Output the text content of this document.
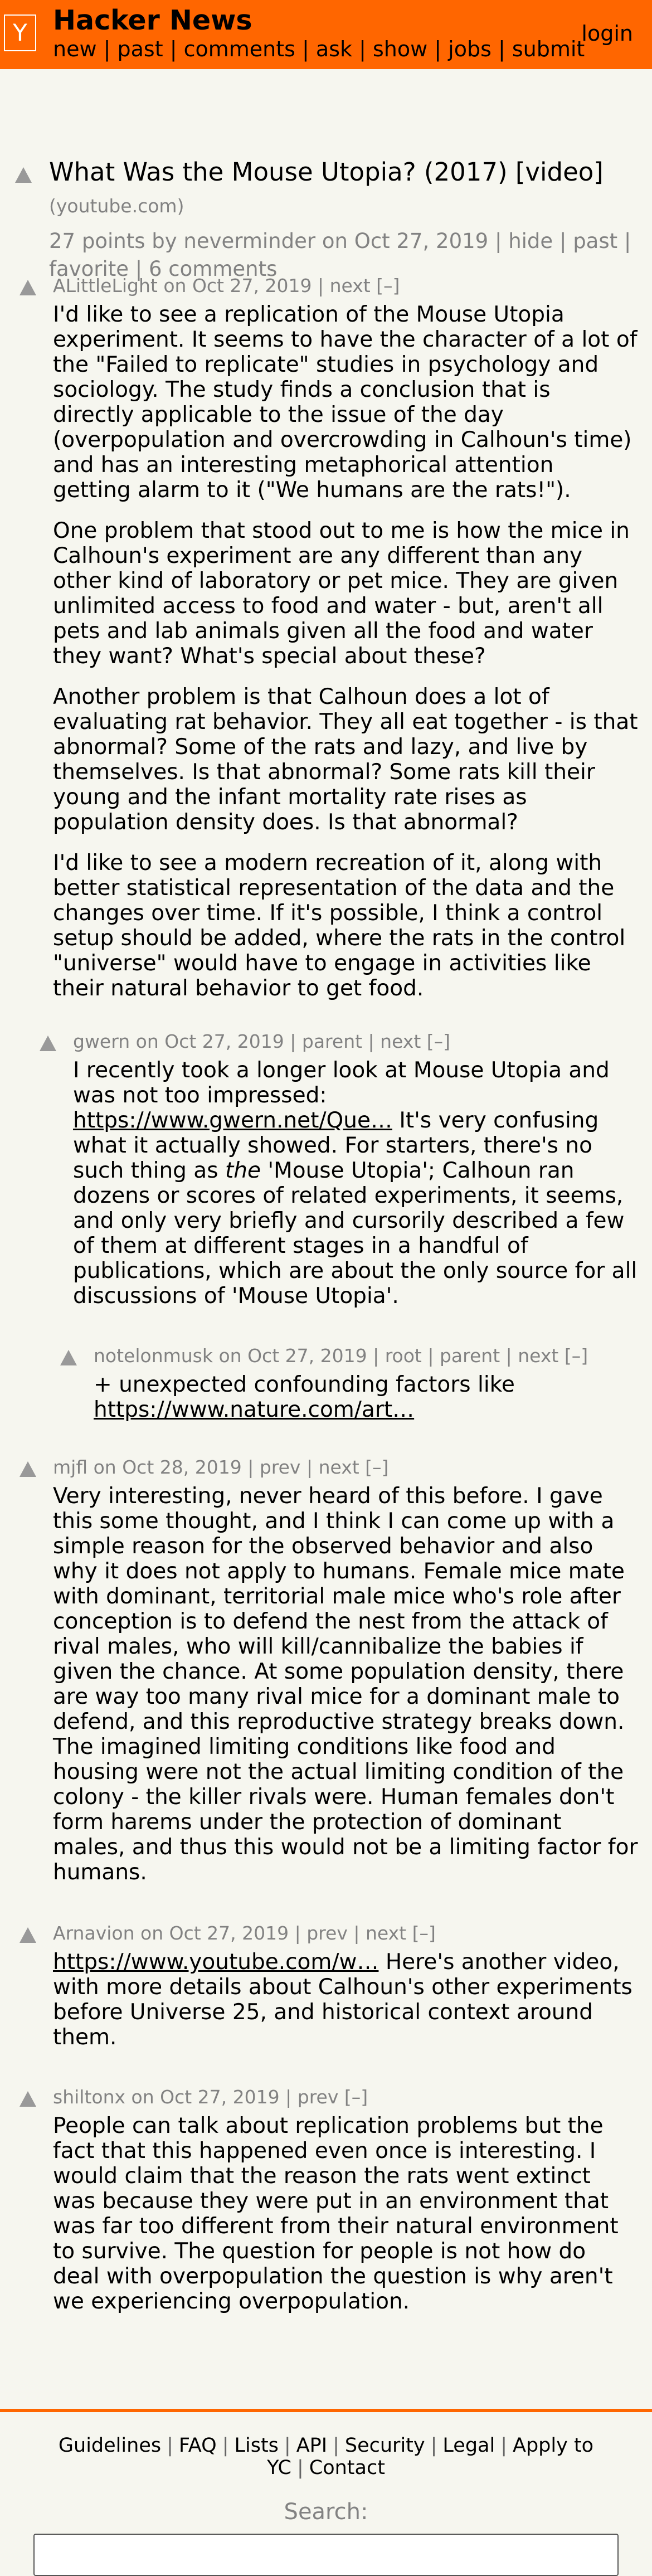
Y Hacker News
new | past | comments | ask | show | jobs | submit
login
What Was the Mouse Utopia? (2017) [video]
(youtube.com)
27 points by neverminder on Oct 27, 2019 | hide | past | favorite | 6 comments
ALittleLight on Oct 27, 2019 | next [–]

I'd like to see a replication of the Mouse Utopia experiment. It seems to have the character of a lot of the "Failed to replicate" studies in psychology and sociology. The study finds a conclusion that is directly applicable to the issue of the day (overpopulation and overcrowding in Calhoun's time) and has an interesting metaphorical attention getting alarm to it ("We humans are the rats!").

One problem that stood out to me is how the mice in Calhoun's experiment are any different than any other kind of laboratory or pet mice. They are given unlimited access to food and water - but, aren't all pets and lab animals given all the food and water they want? What's special about these?

Another problem is that Calhoun does a lot of evaluating rat behavior. They all eat together - is that abnormal? Some of the rats and lazy, and live by themselves. Is that abnormal? Some rats kill their young and the infant mortality rate rises as population density does. Is that abnormal?

I'd like to see a modern recreation of it, along with better statistical representation of the data and the changes over time. If it's possible, I think a control setup should be added, where the rats in the control "universe" would have to engage in activities like their natural behavior to get food.

gwern on Oct 27, 2019 | parent | next [–]
I recently took a longer look at Mouse Utopia and was not too impressed: https://www.gwern.net/Que… It's very confusing what it actually showed. For starters, there's no such thing as the 'Mouse Utopia'; Calhoun ran dozens or scores of related experiments, it seems, and only very briefly and cursorily described a few of them at different stages in a handful of publications, which are about the only source for all discussions of 'Mouse Utopia'.
notelonmusk on Oct 27, 2019 | root | parent | next [–]
+ unexpected confounding factors like
https://www.nature.com/art…
mjfl on Oct 28, 2019 | prev | next [–]
Very interesting, never heard of this before. I gave this some thought, and I think I can come up with a simple reason for the observed behavior and also why it does not apply to humans. Female mice mate with dominant, territorial male mice who's role after conception is to defend the nest from the attack of rival males, who will kill/cannibalize the babies if given the chance. At some population density, there are way too many rival mice for a dominant male to defend, and this reproductive strategy breaks down. The imagined limiting conditions like food and housing were not the actual limiting condition of the colony - the killer rivals were. Human females don't form harems under the protection of dominant males, and thus this would not be a limiting factor for humans.
Arnavion on Oct 27, 2019 | prev | next [–]
https://www.youtube.com/w… Here's another video, with more details about Calhoun's other experiments before Universe 25, and historical context around them.
shiltonx on Oct 27, 2019 | prev [–]
People can talk about replication problems but the fact that this happened even once is interesting. I would claim that the reason the rats went extinct was because they were put in an environment that was far too different from their natural environment to survive. The question for people is not how do deal with overpopulation the question is why aren't we experiencing overpopulation.
Guidelines | FAQ | Lists | API | Security | Legal | Apply to YC | Contact
Search:
